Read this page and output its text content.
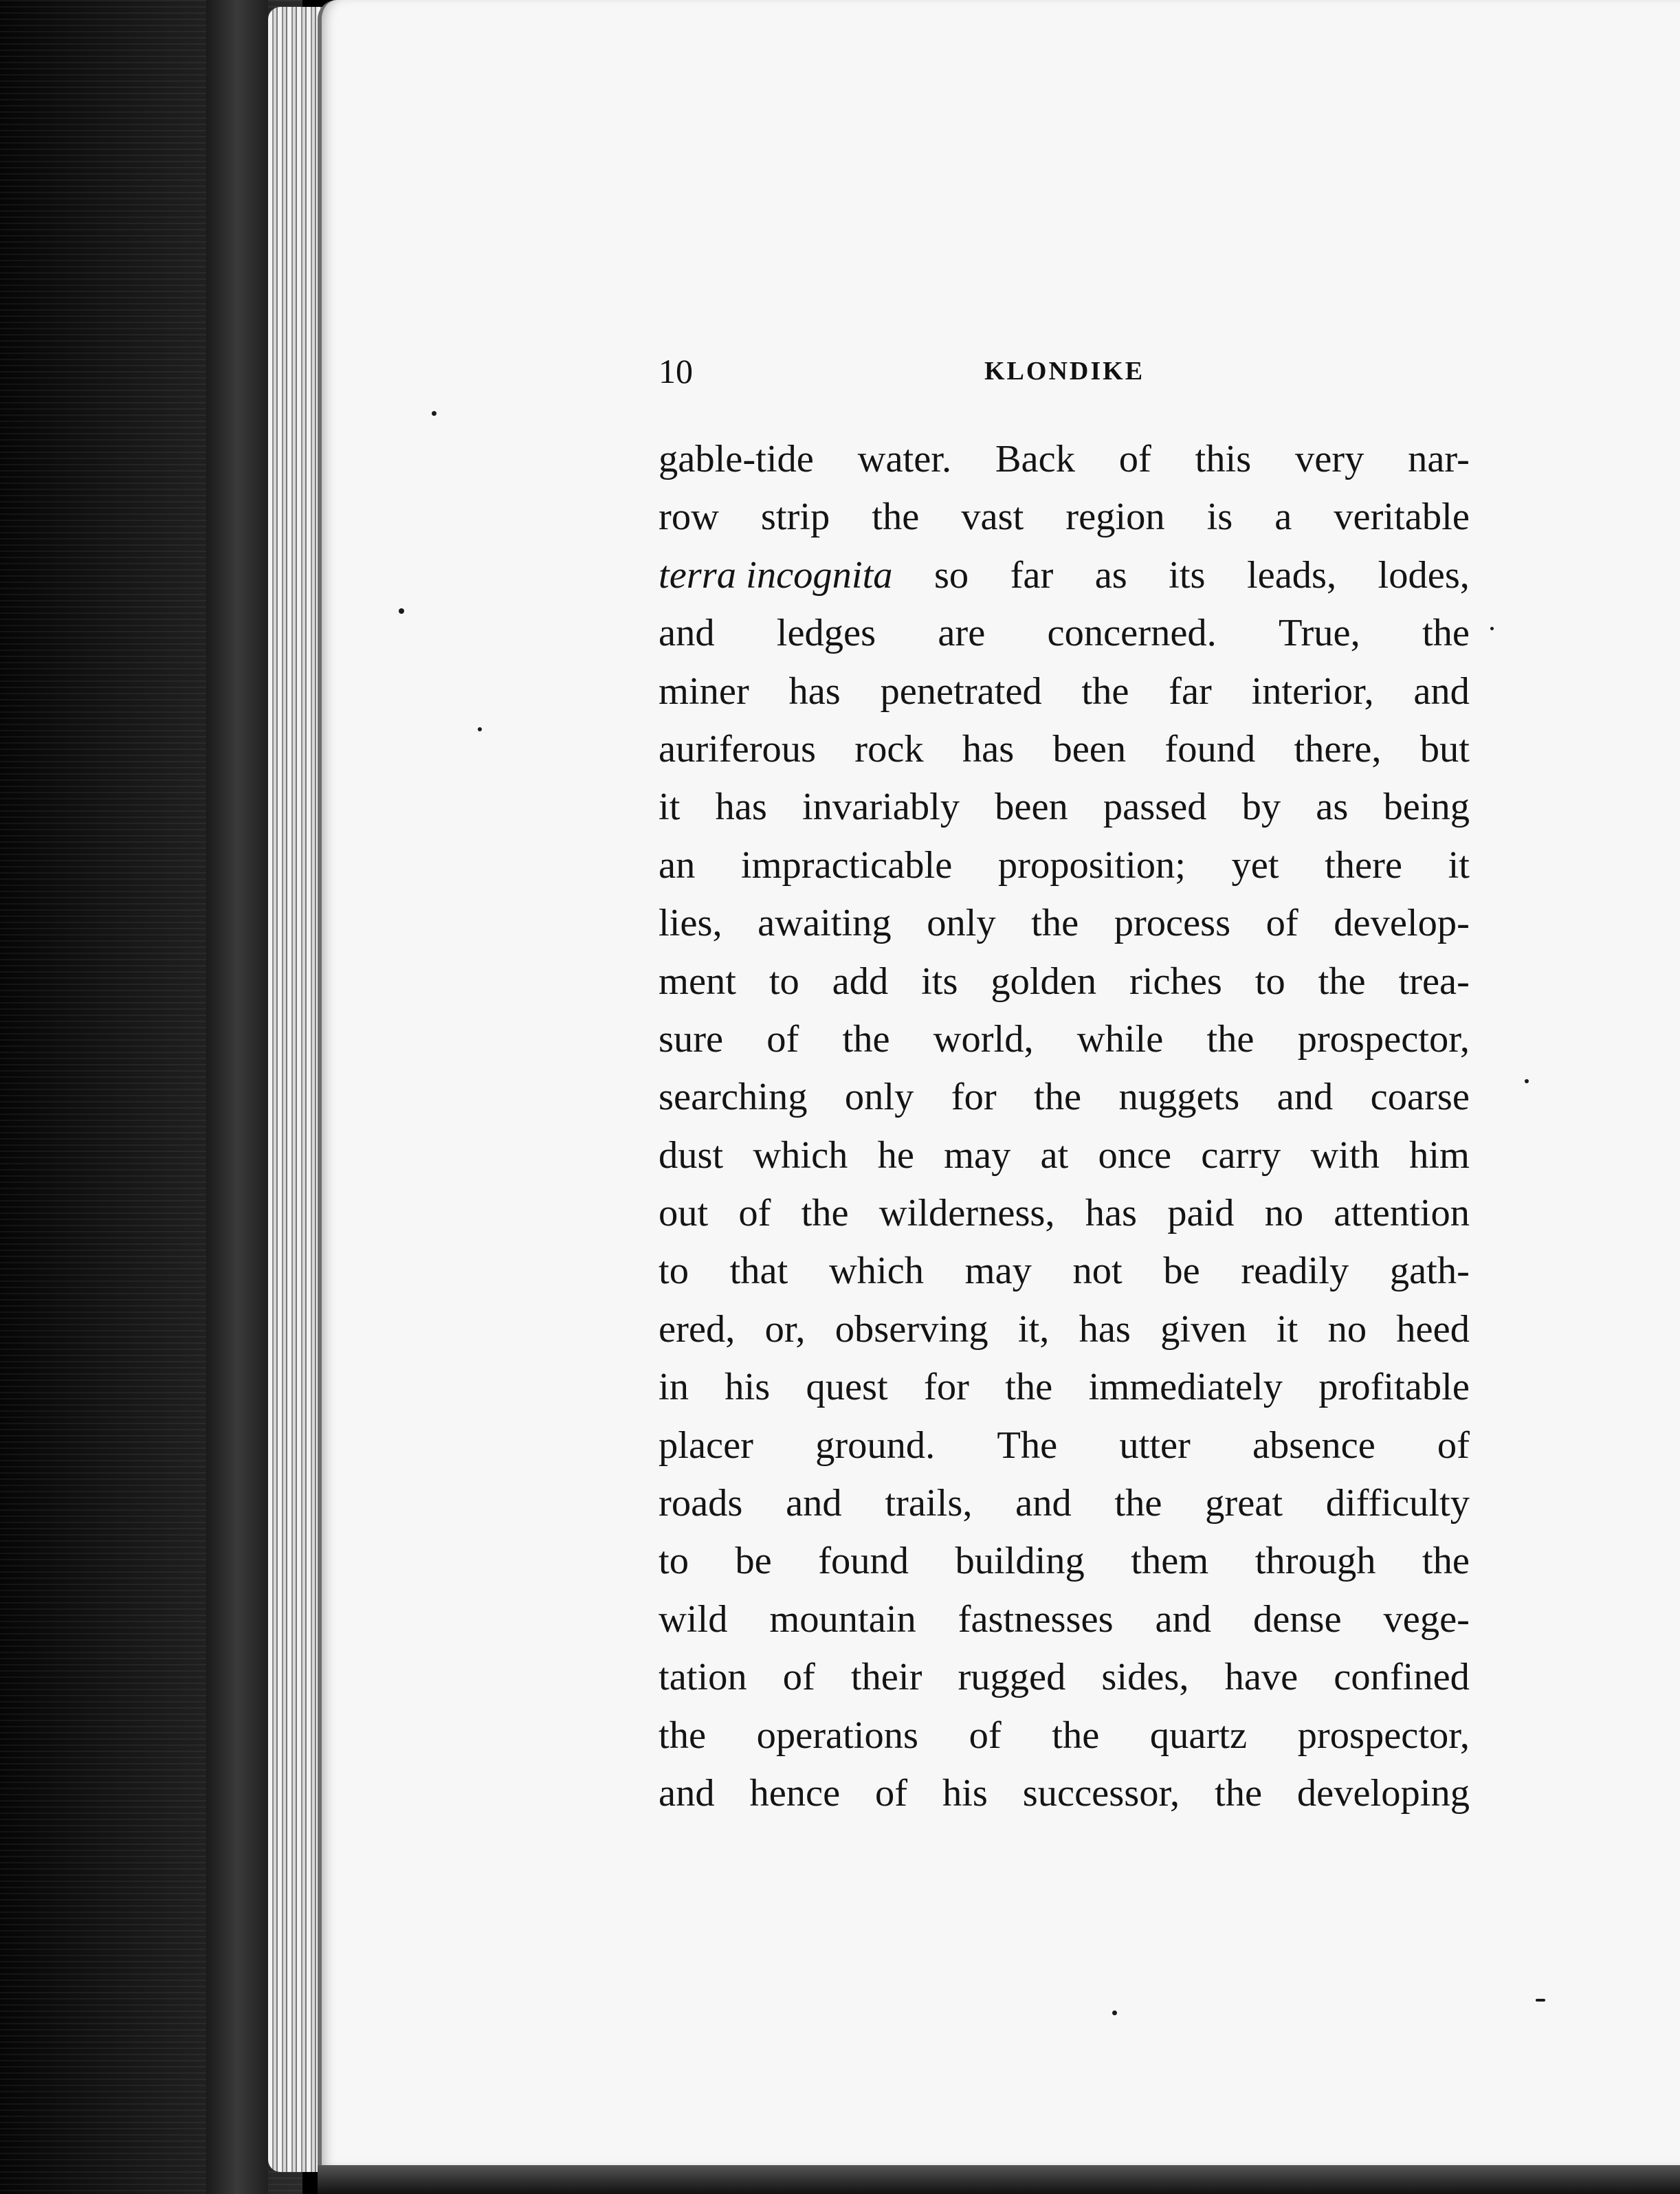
10	KLONDIKE
gable-tide water. Back of this very nar-
row strip the vast region is a veritable
terra incognita so far as its leads, lodes,
and ledges are concerned. True, the
miner has penetrated the far interior, and
auriferous rock has been found there, but
it has invariably been passed by as being
an impracticable proposition; yet there it
lies, awaiting only the process of develop-
ment to add its golden riches to the trea-
sure of the world, while the prospector,
searching only for the nuggets and coarse
dust which he may at once carry with him
out of the wilderness, has paid no attention
to that which may not be readily gath-
ered, or, observing it, has given it no heed
in his quest for the immediately profitable
placer ground. The utter absence of
roads and trails, and the great difficulty
to be found building them through the
wild mountain fastnesses and dense vege-
tation of their rugged sides, have confined
the operations of the quartz prospector,
and hence of his successor, the developing
